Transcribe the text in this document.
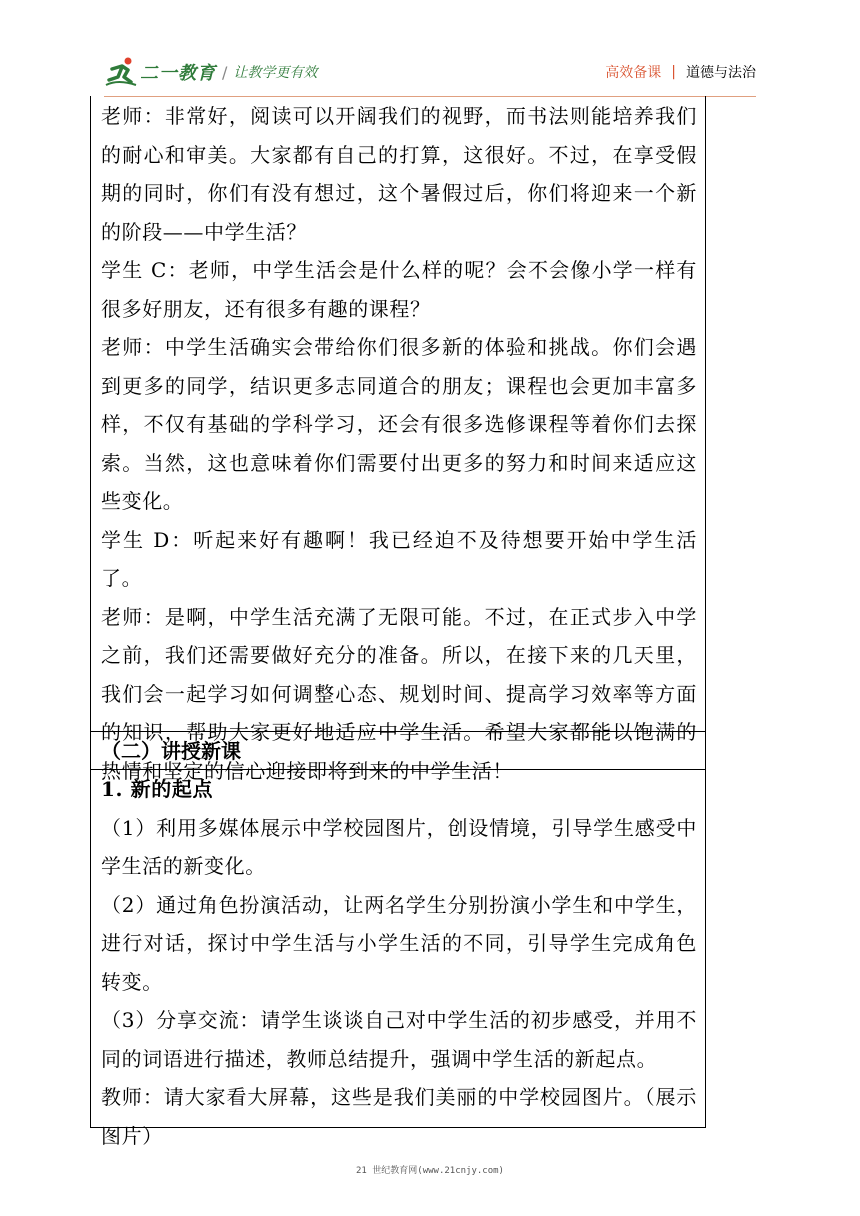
二一教育 / 让教学更有效	高效备课 | 道德与法治

老师：非常好，阅读可以开阔我们的视野，而书法则能培养我们的耐心和审美。大家都有自己的打算，这很好。不过，在享受假期的同时，你们有没有想过，这个暑假过后，你们将迎来一个新的阶段——中学生活？

学生 C：老师，中学生活会是什么样的呢？会不会像小学一样有很多好朋友，还有很多有趣的课程？

老师：中学生活确实会带给你们很多新的体验和挑战。你们会遇到更多的同学，结识更多志同道合的朋友；课程也会更加丰富多样，不仅有基础的学科学习，还会有很多选修课程等着你们去探索。当然，这也意味着你们需要付出更多的努力和时间来适应这些变化。

学生 D：听起来好有趣啊！我已经迫不及待想要开始中学生活了。

老师：是啊，中学生活充满了无限可能。不过，在正式步入中学之前，我们还需要做好充分的准备。所以，在接下来的几天里，我们会一起学习如何调整心态、规划时间、提高学习效率等方面的知识，帮助大家更好地适应中学生活。希望大家都能以饱满的热情和坚定的信心迎接即将到来的中学生活！

（二）讲授新课

1. 新的起点

（1）利用多媒体展示中学校园图片，创设情境，引导学生感受中学生活的新变化。

（2）通过角色扮演活动，让两名学生分别扮演小学生和中学生，进行对话，探讨中学生活与小学生活的不同，引导学生完成角色转变。

（3）分享交流：请学生谈谈自己对中学生活的初步感受，并用不同的词语进行描述，教师总结提升，强调中学生活的新起点。

教师：请大家看大屏幕，这些是我们美丽的中学校园图片。（展示图片）

21 世纪教育网(www.21cnjy.com)
